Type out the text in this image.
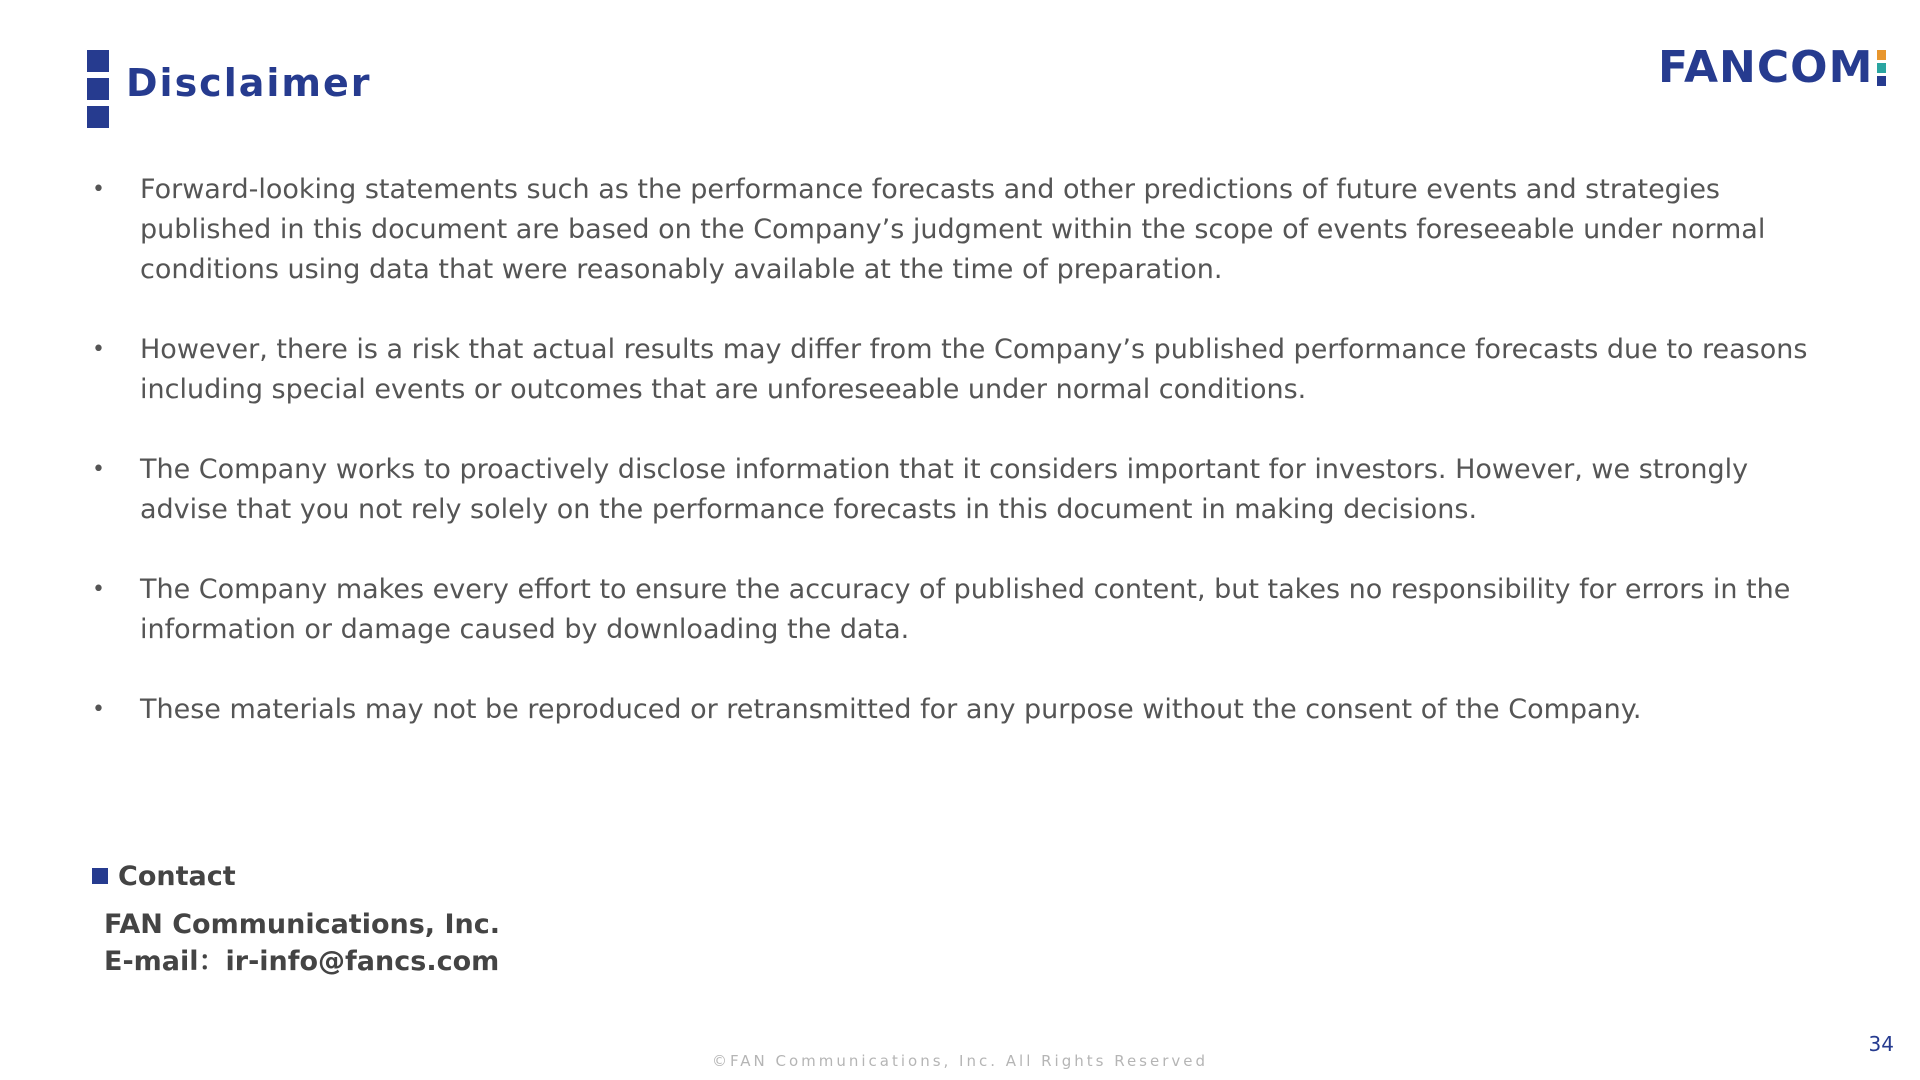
Disclaimer	FANCOM
• Forward-looking statements such as the performance forecasts and other predictions of future events and strategies published in this document are based on the Company’s judgment within the scope of events foreseeable under normal conditions using data that were reasonably available at the time of preparation.
• However, there is a risk that actual results may differ from the Company’s published performance forecasts due to reasons including special events or outcomes that are unforeseeable under normal conditions.
• The Company works to proactively disclose information that it considers important for investors. However, we strongly advise that you not rely solely on the performance forecasts in this document in making decisions.
• The Company makes every effort to ensure the accuracy of published content, but takes no responsibility for errors in the information or damage caused by downloading the data.
• These materials may not be reproduced or retransmitted for any purpose without the consent of the Company.
Contact
FAN Communications, Inc.
E-mail：ir-info@fancs.com
©FAN Communications, Inc. All Rights Reserved
34
